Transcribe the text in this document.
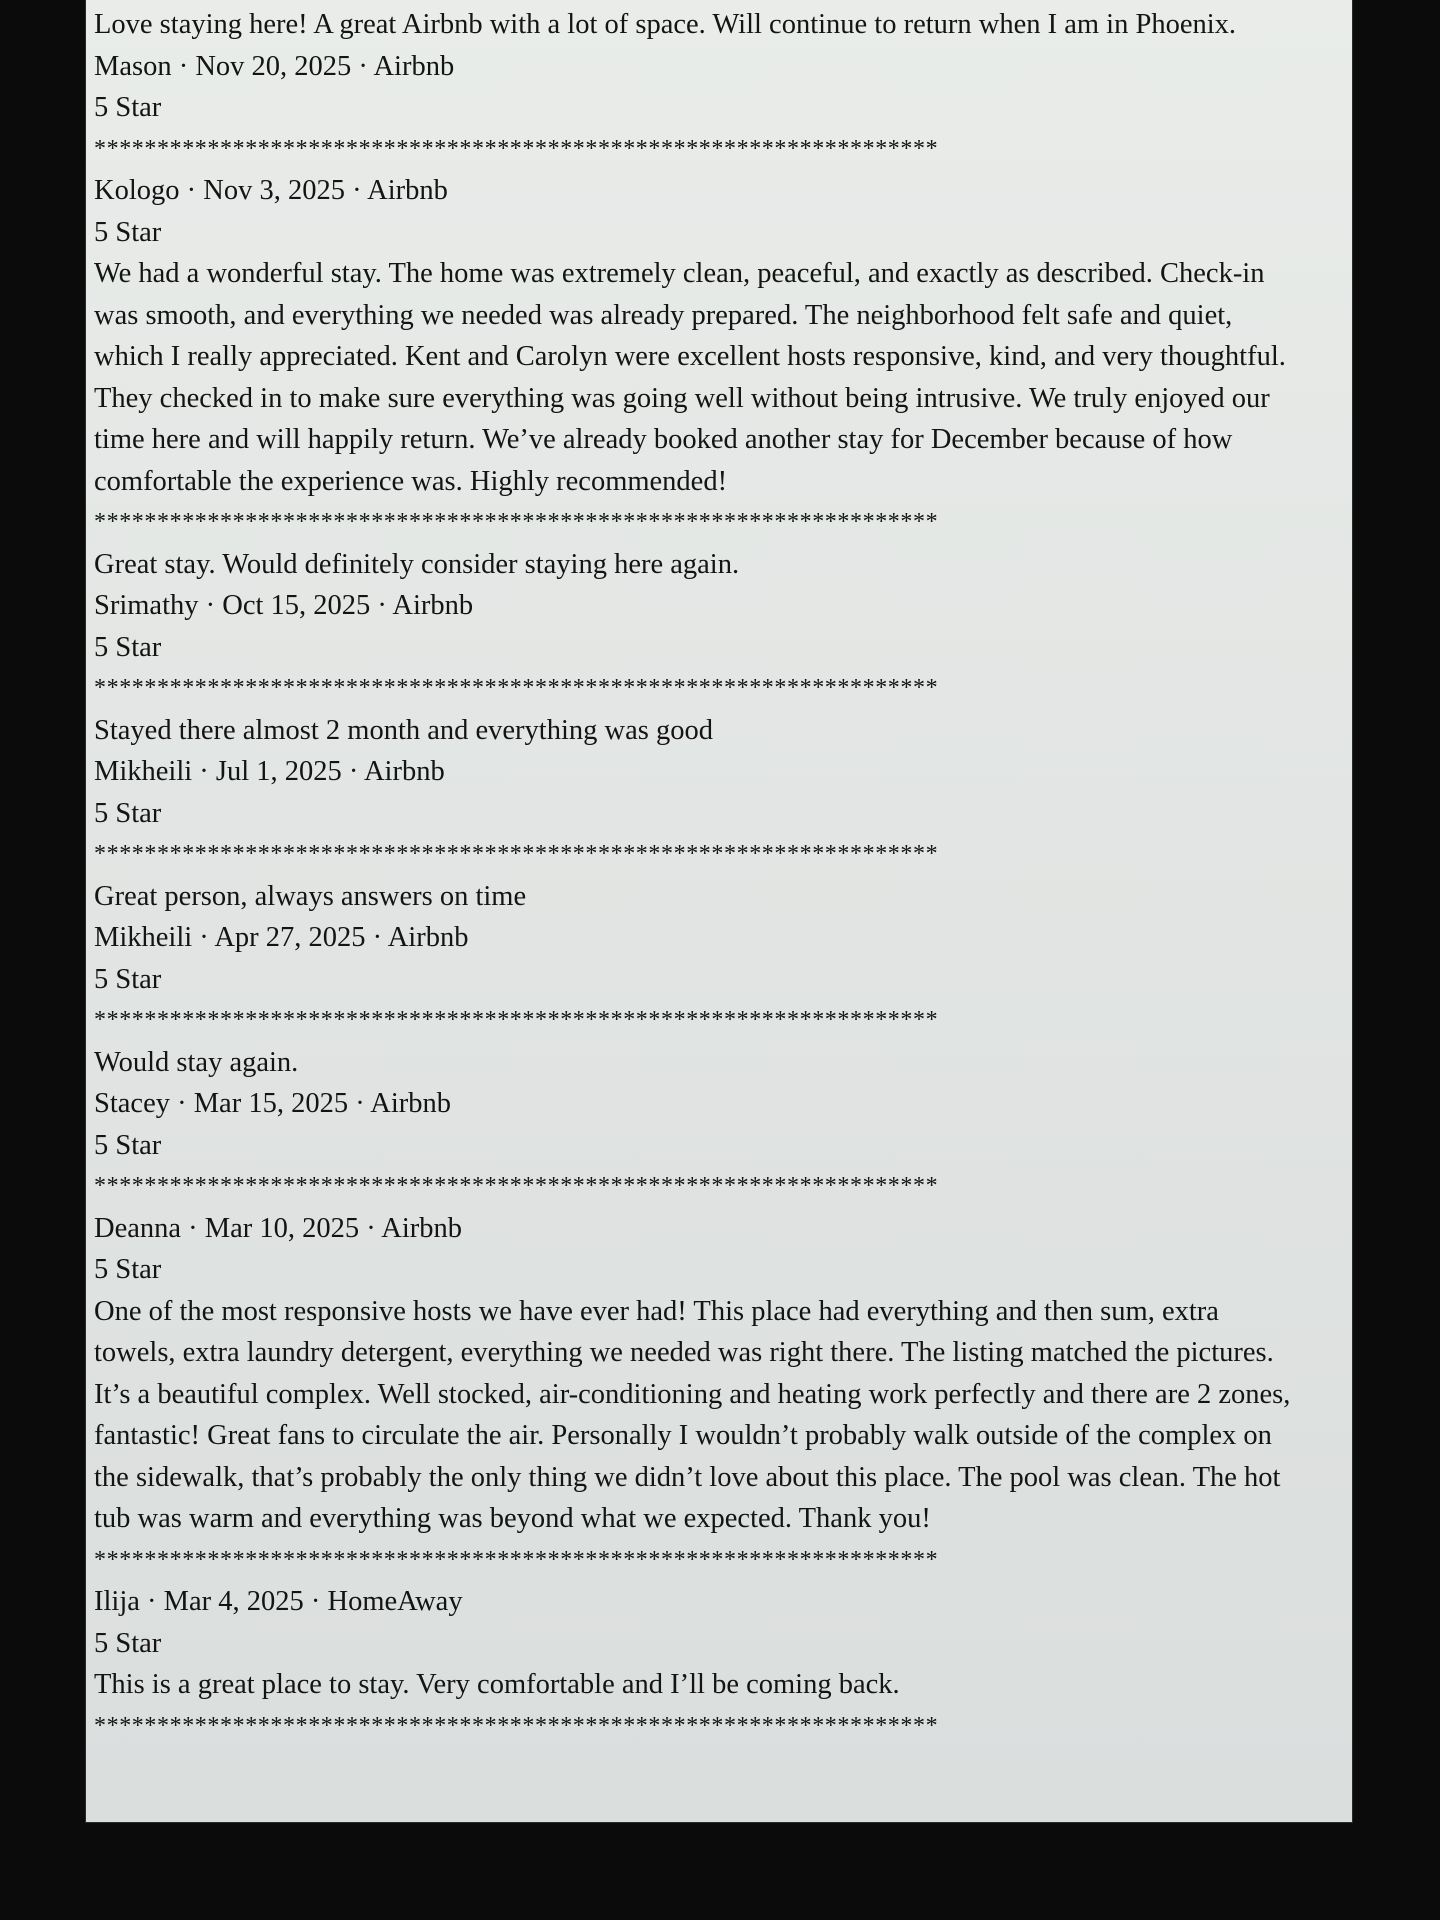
Love staying here! A great Airbnb with a lot of space. Will continue to return when I am in Phoenix.
Mason · Nov 20, 2025 · Airbnb
5 Star
*******************************************************************
Kologo · Nov 3, 2025 · Airbnb
5 Star
We had a wonderful stay. The home was extremely clean, peaceful, and exactly as described. Check-in was smooth, and everything we needed was already prepared. The neighborhood felt safe and quiet, which I really appreciated. Kent and Carolyn were excellent hosts responsive, kind, and very thoughtful. They checked in to make sure everything was going well without being intrusive. We truly enjoyed our time here and will happily return. We’ve already booked another stay for December because of how comfortable the experience was. Highly recommended!
*******************************************************************
Great stay. Would definitely consider staying here again.
Srimathy · Oct 15, 2025 · Airbnb
5 Star
*******************************************************************
Stayed there almost 2 month and everything was good
Mikheili · Jul 1, 2025 · Airbnb
5 Star
*******************************************************************
Great person, always answers on time
Mikheili · Apr 27, 2025 · Airbnb
5 Star
*******************************************************************
Would stay again.
Stacey · Mar 15, 2025 · Airbnb
5 Star
*******************************************************************
Deanna · Mar 10, 2025 · Airbnb
5 Star
One of the most responsive hosts we have ever had! This place had everything and then sum, extra towels, extra laundry detergent, everything we needed was right there. The listing matched the pictures. It’s a beautiful complex. Well stocked, air-conditioning and heating work perfectly and there are 2 zones, fantastic! Great fans to circulate the air. Personally I wouldn’t probably walk outside of the complex on the sidewalk, that’s probably the only thing we didn’t love about this place. The pool was clean. The hot tub was warm and everything was beyond what we expected. Thank you!
*******************************************************************
Ilija · Mar 4, 2025 · HomeAway
5 Star
This is a great place to stay. Very comfortable and I’ll be coming back.
*******************************************************************
